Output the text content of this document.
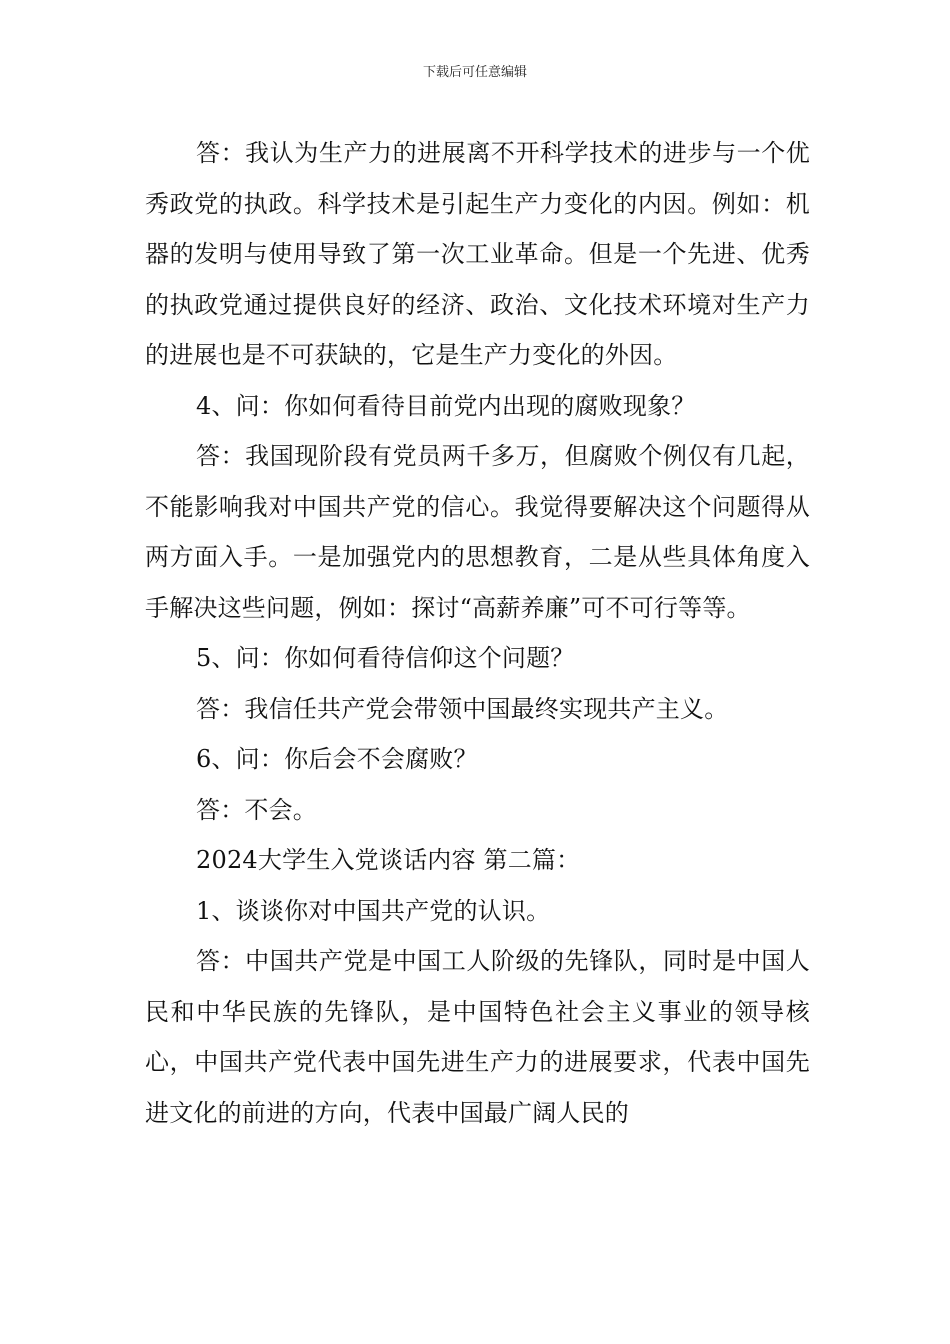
下载后可任意编辑

答：我认为生产力的进展离不开科学技术的进步与一个优秀政党的执政。科学技术是引起生产力变化的内因。例如：机器的发明与使用导致了第一次工业革命。但是一个先进、优秀的执政党通过提供良好的经济、政治、文化技术环境对生产力的进展也是不可获缺的，它是生产力变化的外因。

4、问：你如何看待目前党内出现的腐败现象？

答：我国现阶段有党员两千多万，但腐败个例仅有几起，不能影响我对中国共产党的信心。我觉得要解决这个问题得从两方面入手。一是加强党内的思想教育，二是从些具体角度入手解决这些问题，例如：探讨“高薪养廉”可不可行等等。

5、问：你如何看待信仰这个问题？

答：我信任共产党会带领中国最终实现共产主义。

6、问：你后会不会腐败？

答：不会。

2024大学生入党谈话内容 第二篇：

1、谈谈你对中国共产党的认识。

答：中国共产党是中国工人阶级的先锋队，同时是中国人民和中华民族的先锋队，是中国特色社会主义事业的领导核心，中国共产党代表中国先进生产力的进展要求，代表中国先进文化的前进的方向，代表中国最广阔人民的
